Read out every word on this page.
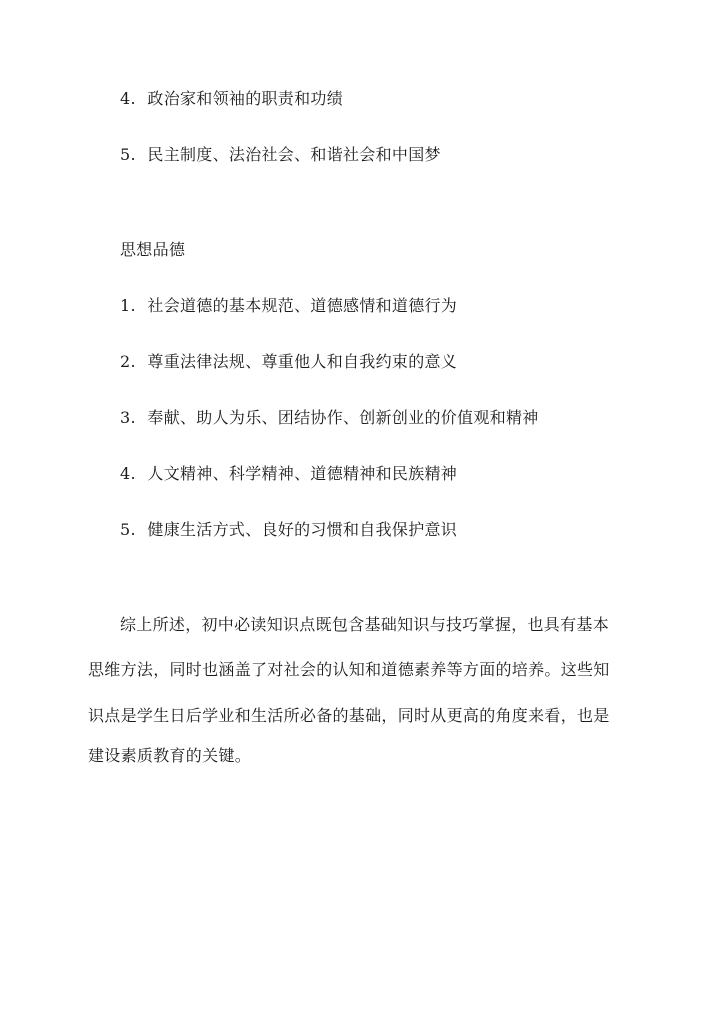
4. 政治家和领袖的职责和功绩
5. 民主制度、法治社会、和谐社会和中国梦
思想品德
1. 社会道德的基本规范、道德感情和道德行为
2. 尊重法律法规、尊重他人和自我约束的意义
3. 奉献、助人为乐、团结协作、创新创业的价值观和精神
4. 人文精神、科学精神、道德精神和民族精神
5. 健康生活方式、良好的习惯和自我保护意识
综上所述，初中必读知识点既包含基础知识与技巧掌握，也具有基本
思维方法，同时也涵盖了对社会的认知和道德素养等方面的培养。这些知
识点是学生日后学业和生活所必备的基础，同时从更高的角度来看，也是
建设素质教育的关键。
